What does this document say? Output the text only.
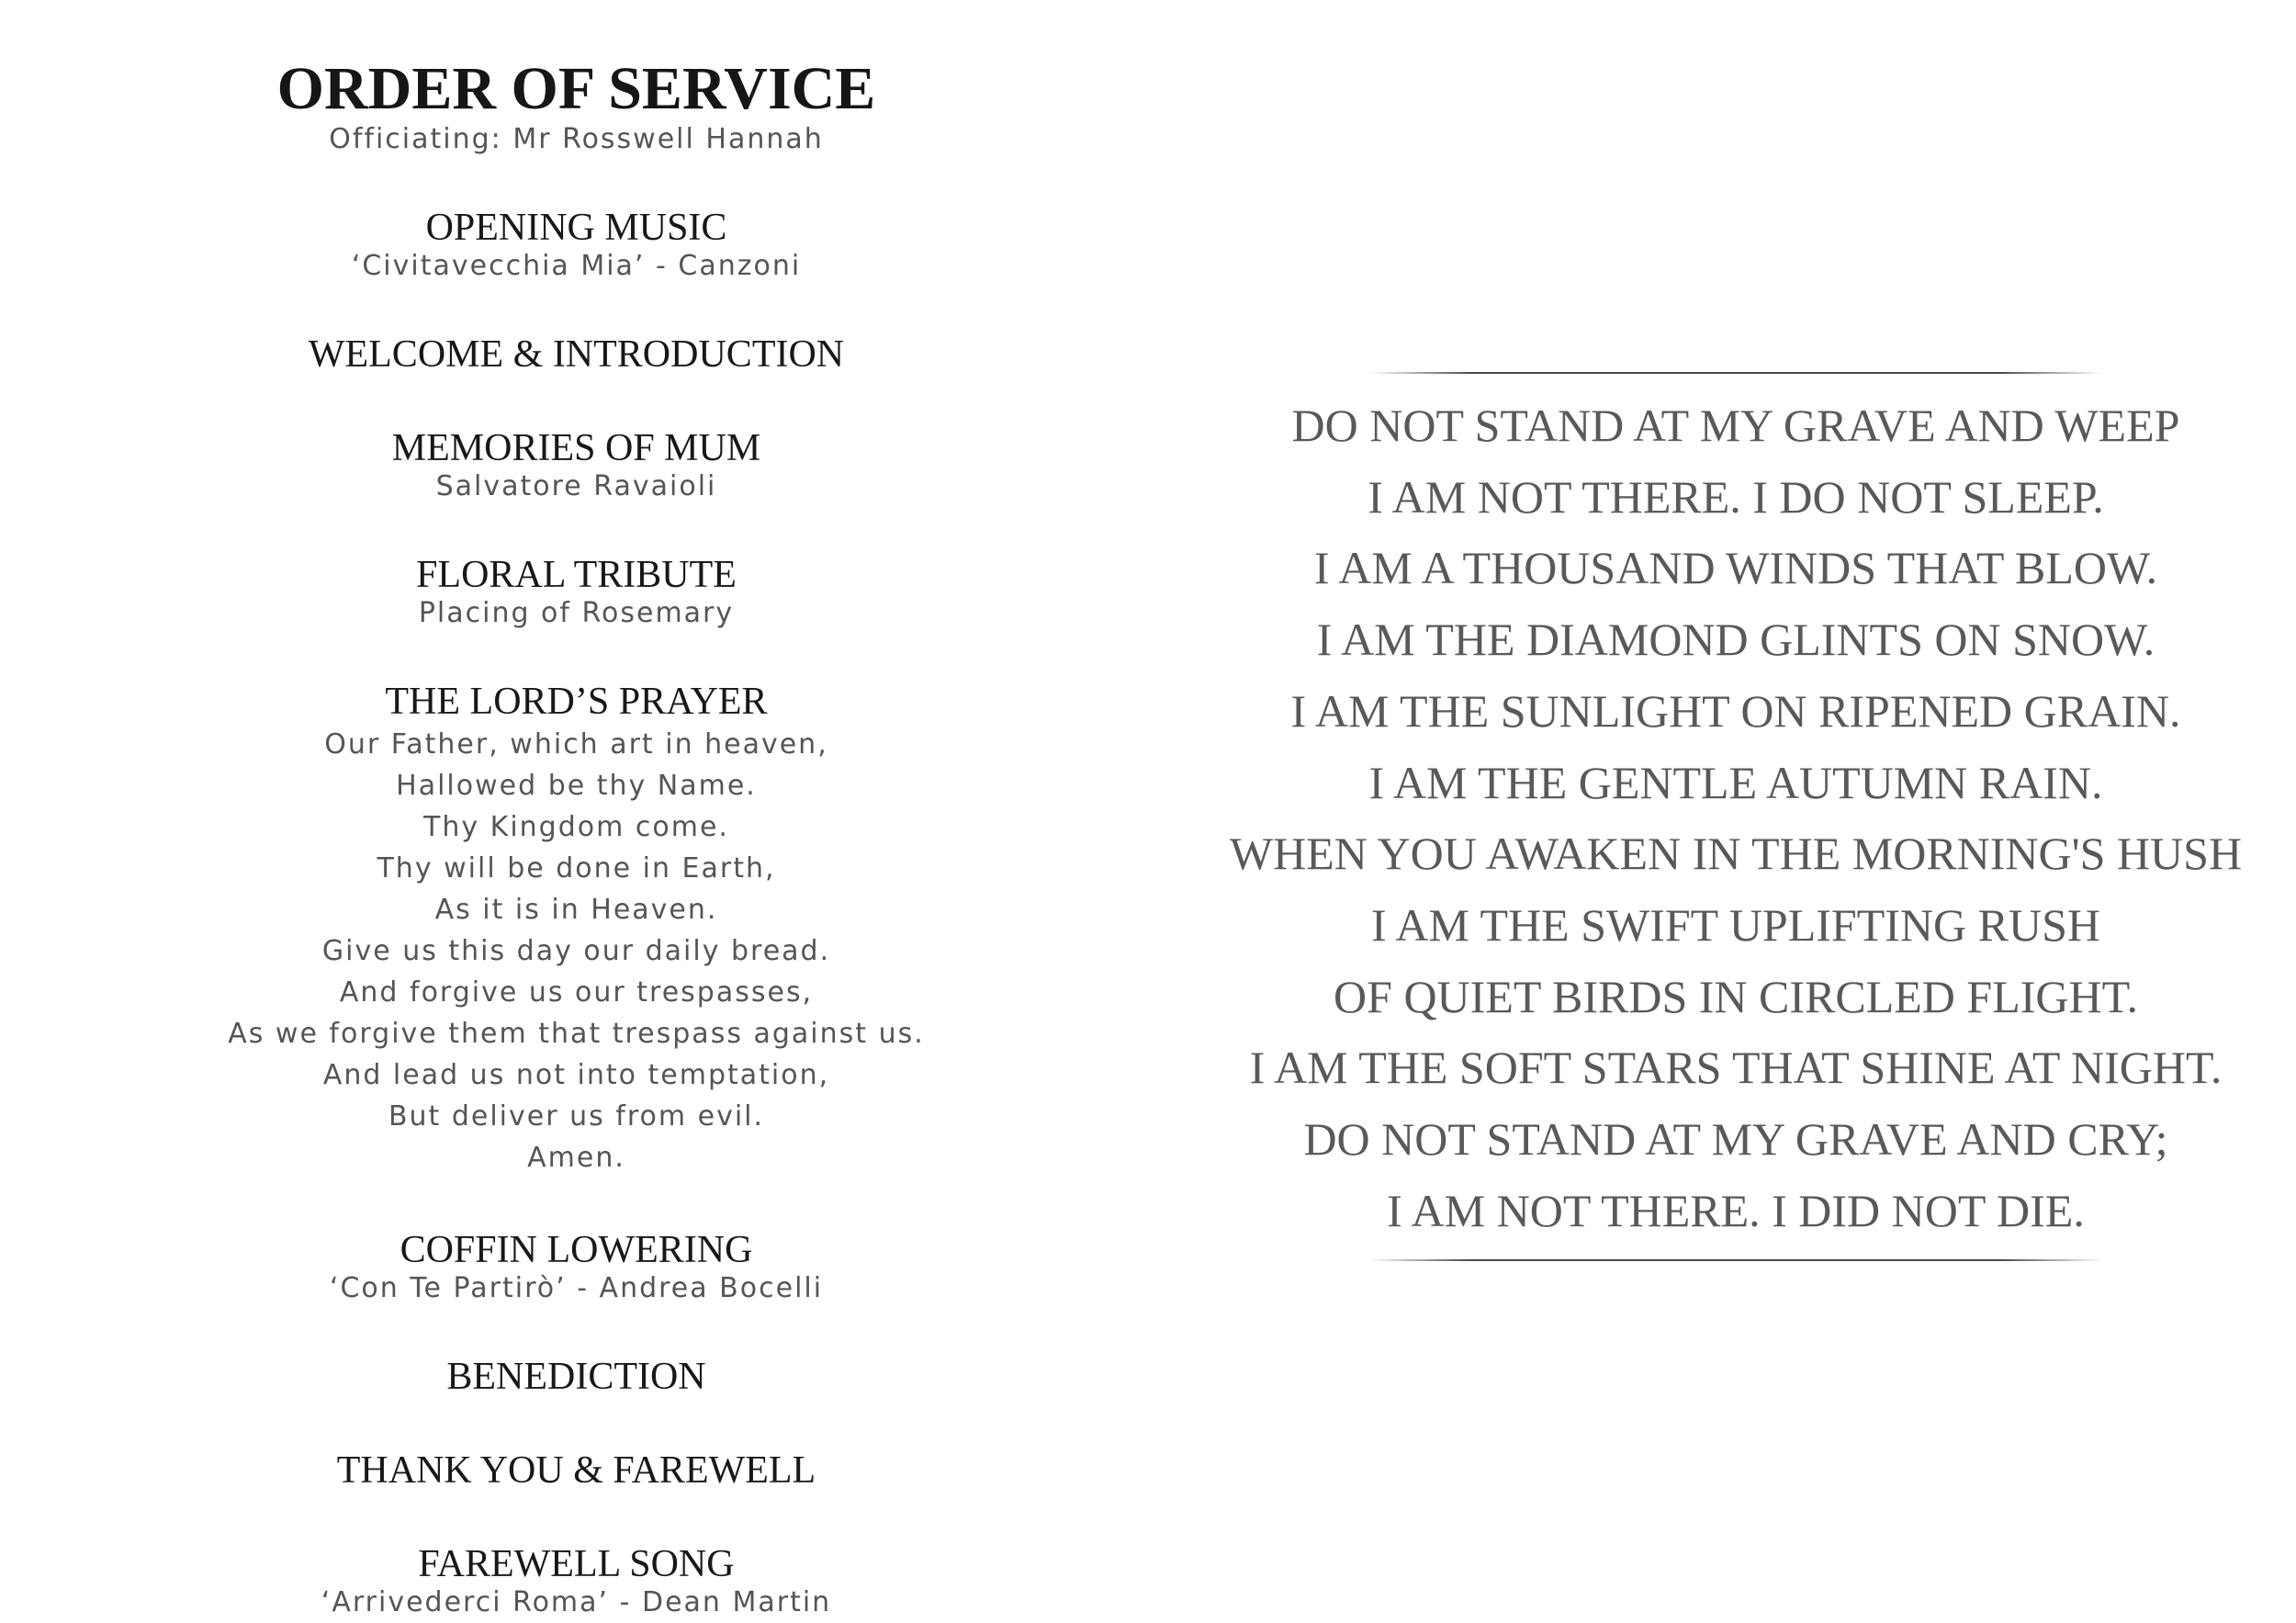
ORDER OF SERVICE

Officiating: Mr Rosswell Hannah

OPENING MUSIC

‘Civitavecchia Mia’ - Canzoni

WELCOME & INTRODUCTION

MEMORIES OF MUM

Salvatore Ravaioli

FLORAL TRIBUTE

Placing of Rosemary

THE LORD’S PRAYER

Our Father, which art in heaven,

Hallowed be thy Name.

Thy Kingdom come.

Thy will be done in Earth,

As it is in Heaven.

Give us this day our daily bread.

And forgive us our trespasses,

As we forgive them that trespass against us.

And lead us not into temptation,

But deliver us from evil.

Amen.

COFFIN LOWERING

‘Con Te Partirò’ - Andrea Bocelli

BENEDICTION

THANK YOU & FAREWELL

FAREWELL SONG

‘Arrivederci Roma’ - Dean Martin

DO NOT STAND AT MY GRAVE AND WEEP

I AM NOT THERE. I DO NOT SLEEP.

I AM A THOUSAND WINDS THAT BLOW.

I AM THE DIAMOND GLINTS ON SNOW.

I AM THE SUNLIGHT ON RIPENED GRAIN.

I AM THE GENTLE AUTUMN RAIN.

WHEN YOU AWAKEN IN THE MORNING'S HUSH

I AM THE SWIFT UPLIFTING RUSH

OF QUIET BIRDS IN CIRCLED FLIGHT.

I AM THE SOFT STARS THAT SHINE AT NIGHT.

DO NOT STAND AT MY GRAVE AND CRY;

I AM NOT THERE. I DID NOT DIE.
